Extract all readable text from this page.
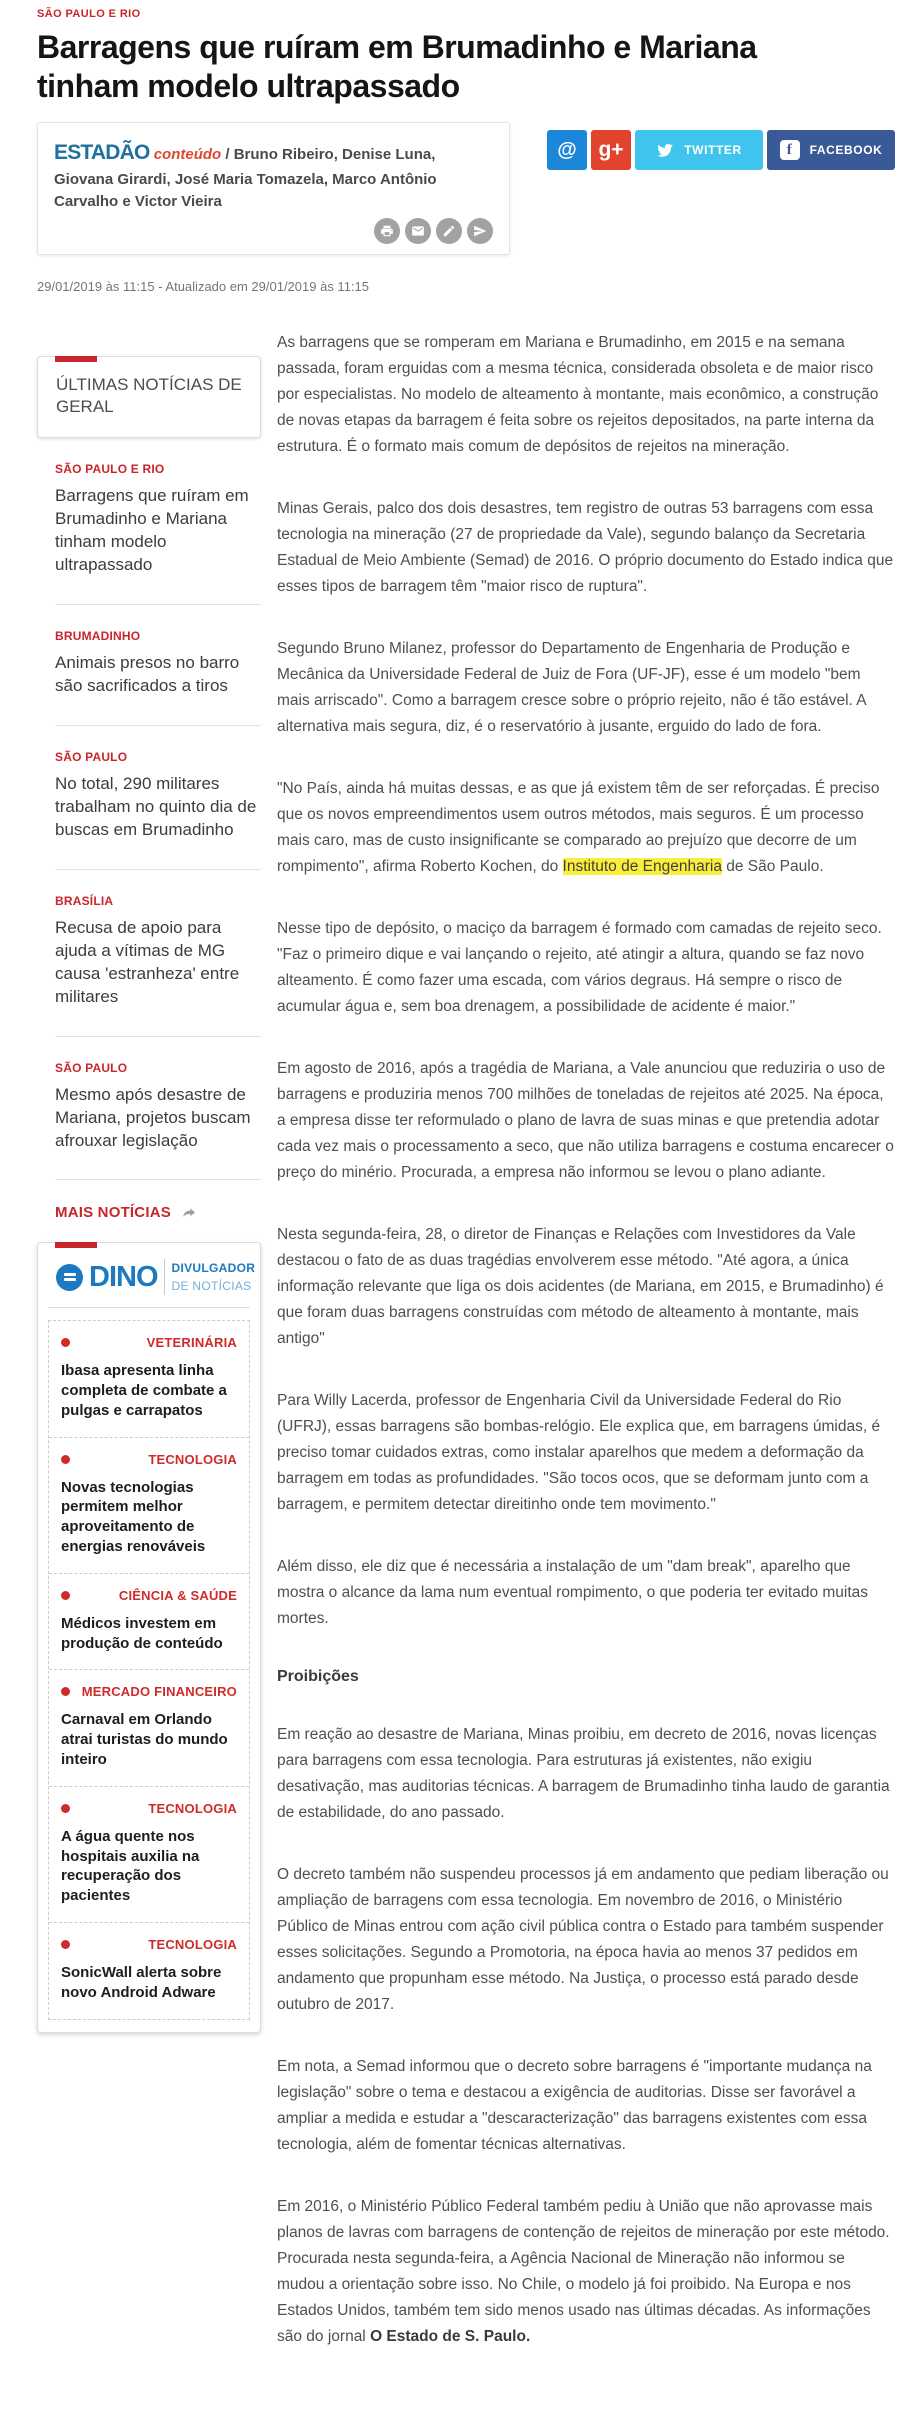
SÃO PAULO E RIO
Barragens que ruíram em Brumadinho e Mariana tinham modelo ultrapassado
ESTADÃO conteúdo / Bruno Ribeiro, Denise Luna, Giovana Girardi, José Maria Tomazela, Marco Antônio Carvalho e Victor Vieira
@ g+	TWITTER	f	FACEBOOK
29/01/2019 às 11:15 - Atualizado em 29/01/2019 às 11:15
ÚLTIMAS NOTÍCIAS DE GERAL
SÃO PAULO E RIO
Barragens que ruíram em Brumadinho e Mariana tinham modelo ultrapassado
BRUMADINHO
Animais presos no barro são sacrificados a tiros
SÃO PAULO
No total, 290 militares trabalham no quinto dia de buscas em Brumadinho
BRASÍLIA
Recusa de apoio para ajuda a vítimas de MG causa 'estranheza' entre militares
SÃO PAULO
Mesmo após desastre de Mariana, projetos buscam afrouxar legislação
MAIS NOTÍCIAS
DINO	DIVULGADOR
DE NOTÍCIAS
VETERINÁRIA
Ibasa apresenta linha completa de combate a pulgas e carrapatos
TECNOLOGIA
Novas tecnologias permitem melhor aproveitamento de energias renováveis
CIÊNCIA & SAÚDE
Médicos investem em produção de conteúdo
MERCADO FINANCEIRO
Carnaval em Orlando atrai turistas do mundo inteiro
TECNOLOGIA
A água quente nos hospitais auxilia na recuperação dos pacientes
TECNOLOGIA
SonicWall alerta sobre novo Android Adware

As barragens que se romperam em Mariana e Brumadinho, em 2015 e na semana passada, foram erguidas com a mesma técnica, considerada obsoleta e de maior risco por especialistas. No modelo de alteamento à montante, mais econômico, a construção de novas etapas da barragem é feita sobre os rejeitos depositados, na parte interna da estrutura. É o formato mais comum de depósitos de rejeitos na mineração.

Minas Gerais, palco dos dois desastres, tem registro de outras 53 barragens com essa tecnologia na mineração (27 de propriedade da Vale), segundo balanço da Secretaria Estadual de Meio Ambiente (Semad) de 2016. O próprio documento do Estado indica que esses tipos de barragem têm "maior risco de ruptura".

Segundo Bruno Milanez, professor do Departamento de Engenharia de Produção e Mecânica da Universidade Federal de Juiz de Fora (UF-JF), esse é um modelo "bem mais arriscado". Como a barragem cresce sobre o próprio rejeito, não é tão estável. A alternativa mais segura, diz, é o reservatório à jusante, erguido do lado de fora.

"No País, ainda há muitas dessas, e as que já existem têm de ser reforçadas. É preciso que os novos empreendimentos usem outros métodos, mais seguros. É um processo mais caro, mas de custo insignificante se comparado ao prejuízo que decorre de um rompimento", afirma Roberto Kochen, do Instituto de Engenharia de São Paulo.

Nesse tipo de depósito, o maciço da barragem é formado com camadas de rejeito seco. "Faz o primeiro dique e vai lançando o rejeito, até atingir a altura, quando se faz novo alteamento. É como fazer uma escada, com vários degraus. Há sempre o risco de acumular água e, sem boa drenagem, a possibilidade de acidente é maior."

Em agosto de 2016, após a tragédia de Mariana, a Vale anunciou que reduziria o uso de barragens e produziria menos 700 milhões de toneladas de rejeitos até 2025. Na época, a empresa disse ter reformulado o plano de lavra de suas minas e que pretendia adotar cada vez mais o processamento a seco, que não utiliza barragens e costuma encarecer o preço do minério. Procurada, a empresa não informou se levou o plano adiante.

Nesta segunda-feira, 28, o diretor de Finanças e Relações com Investidores da Vale destacou o fato de as duas tragédias envolverem esse método. "Até agora, a única informação relevante que liga os dois acidentes (de Mariana, em 2015, e Brumadinho) é que foram duas barragens construídas com método de alteamento à montante, mais antigo"

Para Willy Lacerda, professor de Engenharia Civil da Universidade Federal do Rio (UFRJ), essas barragens são bombas-relógio. Ele explica que, em barragens úmidas, é preciso tomar cuidados extras, como instalar aparelhos que medem a deformação da barragem em todas as profundidades. "São tocos ocos, que se deformam junto com a barragem, e permitem detectar direitinho onde tem movimento."

Além disso, ele diz que é necessária a instalação de um "dam break", aparelho que mostra o alcance da lama num eventual rompimento, o que poderia ter evitado muitas mortes.

Proibições

Em reação ao desastre de Mariana, Minas proibiu, em decreto de 2016, novas licenças para barragens com essa tecnologia. Para estruturas já existentes, não exigiu desativação, mas auditorias técnicas. A barragem de Brumadinho tinha laudo de garantia de estabilidade, do ano passado.

O decreto também não suspendeu processos já em andamento que pediam liberação ou ampliação de barragens com essa tecnologia. Em novembro de 2016, o Ministério Público de Minas entrou com ação civil pública contra o Estado para também suspender esses solicitações. Segundo a Promotoria, na época havia ao menos 37 pedidos em andamento que propunham esse método. Na Justiça, o processo está parado desde outubro de 2017.

Em nota, a Semad informou que o decreto sobre barragens é "importante mudança na legislação" sobre o tema e destacou a exigência de auditorias. Disse ser favorável a ampliar a medida e estudar a "descaracterização" das barragens existentes com essa tecnologia, além de fomentar técnicas alternativas.

Em 2016, o Ministério Público Federal também pediu à União que não aprovasse mais planos de lavras com barragens de contenção de rejeitos de mineração por este método. Procurada nesta segunda-feira, a Agência Nacional de Mineração não informou se mudou a orientação sobre isso. No Chile, o modelo já foi proibido. Na Europa e nos Estados Unidos, também tem sido menos usado nas últimas décadas. As informações são do jornal O Estado de S. Paulo.
